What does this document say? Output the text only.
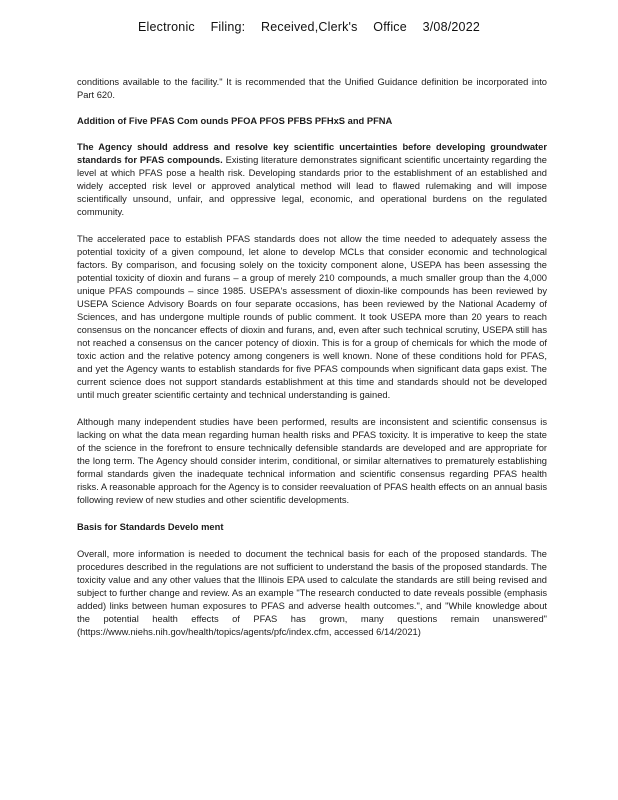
Electronic Filing: Received,Clerk's Office 3/08/2022

conditions available to the facility." It is recommended that the Unified Guidance definition be incorporated into Part 620.

Addition of Five PFAS Com ounds PFOA PFOS PFBS PFHxS and PFNA

The Agency should address and resolve key scientific uncertainties before developing groundwater standards for PFAS compounds. Existing literature demonstrates significant scientific uncertainty regarding the level at which PFAS pose a health risk. Developing standards prior to the establishment of an established and widely accepted risk level or approved analytical method will lead to flawed rulemaking and will impose scientifically unsound, unfair, and oppressive legal, economic, and operational burdens on the regulated community.

The accelerated pace to establish PFAS standards does not allow the time needed to adequately assess the potential toxicity of a given compound, let alone to develop MCLs that consider economic and technological factors. By comparison, and focusing solely on the toxicity component alone, USEPA has been assessing the potential toxicity of dioxin and furans – a group of merely 210 compounds, a much smaller group than the 4,000 unique PFAS compounds – since 1985. USEPA's assessment of dioxin-like compounds has been reviewed by USEPA Science Advisory Boards on four separate occasions, has been reviewed by the National Academy of Sciences, and has undergone multiple rounds of public comment. It took USEPA more than 20 years to reach consensus on the noncancer effects of dioxin and furans, and, even after such technical scrutiny, USEPA still has not reached a consensus on the cancer potency of dioxin. This is for a group of chemicals for which the mode of toxic action and the relative potency among congeners is well known. None of these conditions hold for PFAS, and yet the Agency wants to establish standards for five PFAS compounds when significant data gaps exist. The current science does not support standards establishment at this time and standards should not be developed until much greater scientific certainty and technical understanding is gained.

Although many independent studies have been performed, results are inconsistent and scientific consensus is lacking on what the data mean regarding human health risks and PFAS toxicity. It is imperative to keep the state of the science in the forefront to ensure technically defensible standards are developed and are appropriate for the long term. The Agency should consider interim, conditional, or similar alternatives to prematurely establishing formal standards given the inadequate technical information and scientific consensus regarding PFAS health risks. A reasonable approach for the Agency is to consider reevaluation of PFAS health effects on an annual basis following review of new studies and other scientific developments.

Basis for Standards Develo ment

Overall, more information is needed to document the technical basis for each of the proposed standards. The procedures described in the regulations are not sufficient to understand the basis of the proposed standards. The toxicity value and any other values that the Illinois EPA used to calculate the standards are still being revised and subject to further change and review. As an example "The research conducted to date reveals possible (emphasis added) links between human exposures to PFAS and adverse health outcomes.", and "While knowledge about the potential health effects of PFAS has grown, many questions remain unanswered" (https://www.niehs.nih.gov/health/topics/agents/pfc/index.cfm, accessed 6/14/2021)
